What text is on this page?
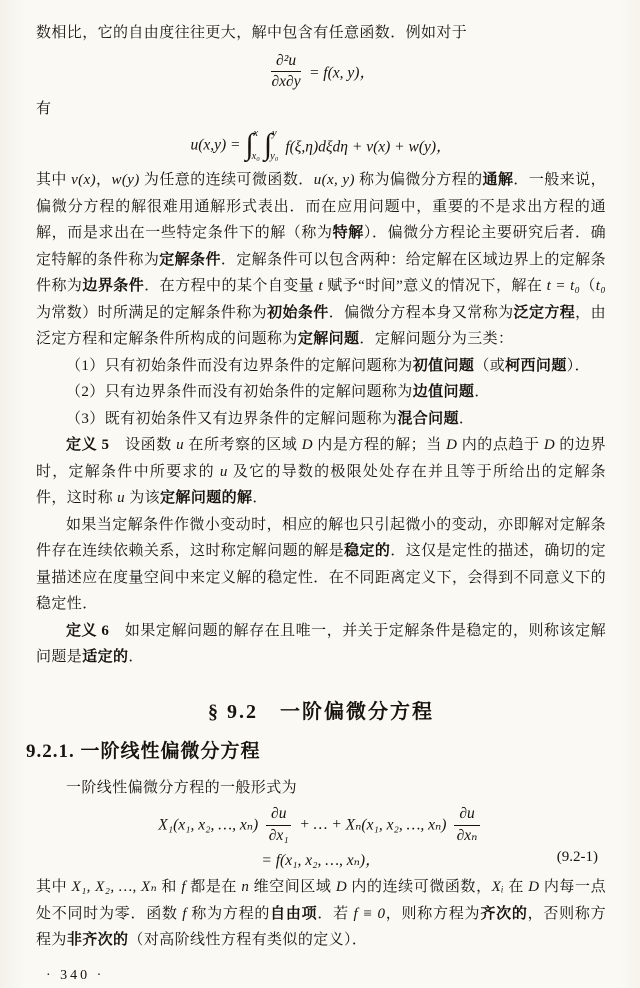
数相比，它的自由度往往更大，解中包含有任意函数．例如对于

$\frac{\text{∂²u}}{\partial x\partial y} = f(x$, y)，

有

u(x,y) = ∫ x
x₀ ∫ y
y₀
f(ξ,η)dξdη + v(x) + w(y)，

其中 v(x)，w(y) 为任意的连续可微函数．u(x, y) 称为偏微分方程的通解．一般来说，偏微分方程的解很难用通解形式表出．而在应用问题中，重要的不是求出方程的通解，而是求出在一些特定条件下的解（称为特解）．偏微分方程论主要研究后者．确定特解的条件称为定解条件．定解条件可以包含两种：给定解在区域边界上的定解条件称为边界条件．在方程中的某个自变量 t 赋予“时间”意义的情况下，解在 t = t₀（t₀ 为常数）时所满足的定解条件称为初始条件．偏微分方程本身又常称为泛定方程，由泛定方程和定解条件所构成的问题称为定解问题．定解问题分为三类：

（1）只有初始条件而没有边界条件的定解问题称为初值问题（或柯西问题）．

（2）只有边界条件而没有初始条件的定解问题称为边值问题．

（3）既有初始条件又有边界条件的定解问题称为混合问题．

定义 5　设函数 u 在所考察的区域 D 内是方程的解；当 D 内的点趋于 D 的边界时，定解条件中所要求的 u 及它的导数的极限处处存在并且等于所给出的定解条件，这时称 u 为该定解问题的解．

如果当定解条件作微小变动时，相应的解也只引起微小的变动，亦即解对定解条件存在连续依赖关系，这时称定解问题的解是稳定的．这仅是定性的描述，确切的定量描述应在度量空间中来定义解的稳定性．在不同距离定义下，会得到不同意义下的稳定性．

定义 6　如果定解问题的解存在且唯一，并关于定解条件是稳定的，则称该定解问题是适定的．

§ 9.2　一阶偏微分方程
9.2.1. 一阶线性偏微分方程

一阶线性偏微分方程的一般形式为

X₁(x₁, x₂, …, $x_n) \frac{\partial u}{\text{∂x₁}}$ + … + Xₙ(x₁, x₂, …, $x_n) \frac{\partial u}{\text{∂xₙ}}$
= f(x₁, x₂, …, xₙ)，	(9.2-1)

其中 X₁, X₂, …, Xₙ 和 f 都是在 n 维空间区域 D 内的连续可微函数，Xᵢ 在 D 内每一点处不同时为零．函数 f 称为方程的自由项．若 f ≡ 0，则称方程为齐次的，否则称方程为非齐次的（对高阶线性方程有类似的定义）．

· 340 ·
